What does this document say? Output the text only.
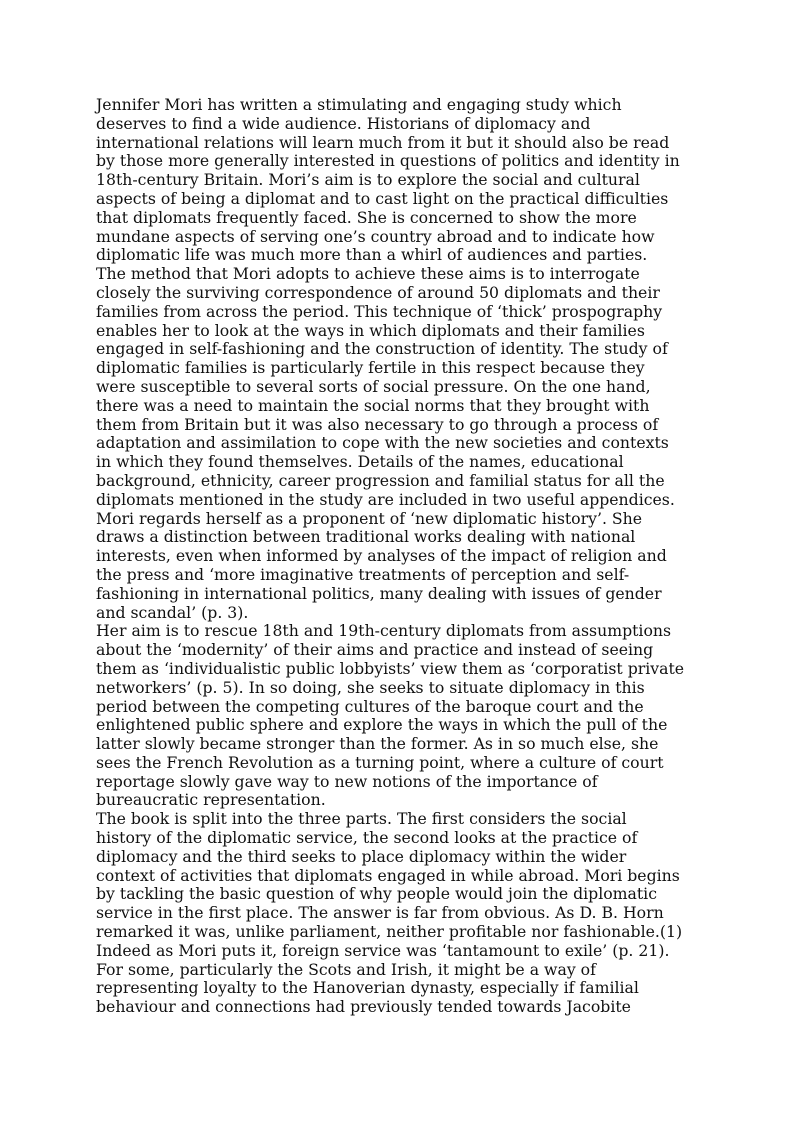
Jennifer Mori has written a stimulating and engaging study which
deserves to find a wide audience. Historians of diplomacy and
international relations will learn much from it but it should also be read
by those more generally interested in questions of politics and identity in
18th-century Britain. Mori’s aim is to explore the social and cultural
aspects of being a diplomat and to cast light on the practical difficulties
that diplomats frequently faced. She is concerned to show the more
mundane aspects of serving one’s country abroad and to indicate how
diplomatic life was much more than a whirl of audiences and parties.
The method that Mori adopts to achieve these aims is to interrogate
closely the surviving correspondence of around 50 diplomats and their
families from across the period. This technique of ‘thick’ prospography
enables her to look at the ways in which diplomats and their families
engaged in self-fashioning and the construction of identity. The study of
diplomatic families is particularly fertile in this respect because they
were susceptible to several sorts of social pressure. On the one hand,
there was a need to maintain the social norms that they brought with
them from Britain but it was also necessary to go through a process of
adaptation and assimilation to cope with the new societies and contexts
in which they found themselves. Details of the names, educational
background, ethnicity, career progression and familial status for all the
diplomats mentioned in the study are included in two useful appendices.
Mori regards herself as a proponent of ‘new diplomatic history’. She
draws a distinction between traditional works dealing with national
interests, even when informed by analyses of the impact of religion and
the press and ‘more imaginative treatments of perception and self-
fashioning in international politics, many dealing with issues of gender
and scandal’ (p. 3).

Her aim is to rescue 18th and 19th-century diplomats from assumptions
about the ‘modernity’ of their aims and practice and instead of seeing
them as ‘individualistic public lobbyists’ view them as ‘corporatist private
networkers’ (p. 5). In so doing, she seeks to situate diplomacy in this
period between the competing cultures of the baroque court and the
enlightened public sphere and explore the ways in which the pull of the
latter slowly became stronger than the former. As in so much else, she
sees the French Revolution as a turning point, where a culture of court
reportage slowly gave way to new notions of the importance of
bureaucratic representation.

The book is split into the three parts. The first considers the social
history of the diplomatic service, the second looks at the practice of
diplomacy and the third seeks to place diplomacy within the wider
context of activities that diplomats engaged in while abroad. Mori begins
by tackling the basic question of why people would join the diplomatic
service in the first place. The answer is far from obvious. As D. B. Horn
remarked it was, unlike parliament, neither profitable nor fashionable.(1)
Indeed as Mori puts it, foreign service was ‘tantamount to exile’ (p. 21).
For some, particularly the Scots and Irish, it might be a way of
representing loyalty to the Hanoverian dynasty, especially if familial
behaviour and connections had previously tended towards Jacobite
